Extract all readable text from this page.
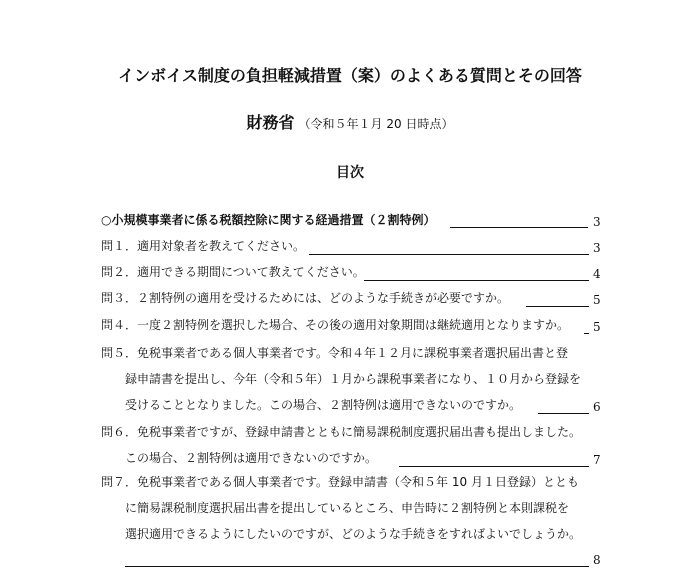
インボイス制度の負担軽減措置（案）のよくある質問とその回答
財務省 （令和５年１月 20 日時点）
目次
○小規模事業者に係る税額控除に関する経過措置（２割特例）	3
問１．適用対象者を教えてください。	3
問２．適用できる期間について教えてください。	4
問３．２割特例の適用を受けるためには、どのような手続きが必要ですか。	5
問４．一度２割特例を選択した場合、その後の適用対象期間は継続適用となりますか。 5
問５．免税事業者である個人事業者です。令和４年１２月に課税事業者選択届出書と登
録申請書を提出し、今年（令和５年）１月から課税事業者になり、１０月から登録を
受けることとなりました。この場合、２割特例は適用できないのですか。	6
問６．免税事業者ですが、登録申請書とともに簡易課税制度選択届出書も提出しました。
この場合、２割特例は適用できないのですか。	7
問７．免税事業者である個人事業者です。登録申請書（令和５年 10 月１日登録）ととも
に簡易課税制度選択届出書を提出しているところ、申告時に２割特例と本則課税を
選択適用できるようにしたいのですが、どのような手続きをすればよいでしょうか。
8
